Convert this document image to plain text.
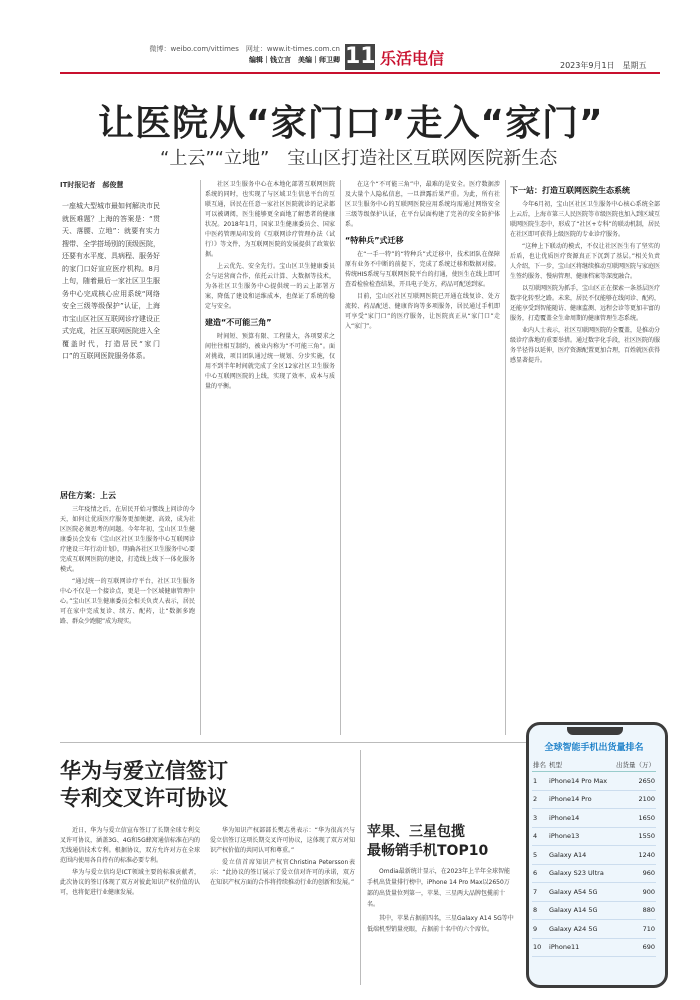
微博：weibo.com/vittimes　网址：www.it-times.com.cn
编辑｜钱立言　美编｜师卫卿 11 乐活电信	2023年9月1日　星期五
让医院从“家门口”走入“家门”
“上云”“立地”　宝山区打造社区互联网医院新生态
IT时报记者　郝俊慧
一座城大型城市最如何解决市民就医难题？上海的答案是：“贯天、落腰、立地”：就要有实力搜带、全学搭场别的顶级医院，还要有水平度、具病程、服务好的家门口好宣应医疗机构。8月上旬，随着最后一家社区卫生服务中心完成核心应用系统“网络安全三级等级保护”认证，上海市宝山区社区互联网诊疗建设正式完成，社区互联网医院进入全覆盖时代，打造居民“家门口”的互联网医院服务体系。
居住方案：上云

三年疫情之后，在居民开始习惯线上问诊的今天，如何让优质医疗服务更加便捷、高效，成为社区医院必须思考的问题。今年年初，宝山区卫生健康委员会发布《宝山区社区卫生服务中心互联网诊疗建设三年行动计划》，明确各社区卫生服务中心要完成互联网医院的建设，打造线上线下一体化服务模式。

“通过统一的互联网诊疗平台，社区卫生服务中心不仅是一个接诊点，更是一个区域健康管理中心。”宝山区卫生健康委员会相关负责人表示，居民可在家中完成复诊、续方、配药，让“数据多跑路、群众少跑腿”成为现实。

社区卫生服务中心在本地化部署互联网医院系统的同时，也实现了与区域卫生信息平台的互联互通，居民在任意一家社区医院就诊的记录都可以被调阅，医生能够更全面地了解患者的健康状况。2018年1月，国家卫生健康委员会、国家中医药管理局印发的《互联网诊疗管理办法（试行）》等文件，为互联网医院的发展提供了政策依据。

上云优先、安全先行。宝山区卫生健康委员会与运营商合作，依托云计算、大数据等技术，为各社区卫生服务中心提供统一的云上部署方案，降低了建设和运维成本，也保证了系统的稳定与安全。

建造“不可能三角”

时间短、预算有限、工程量大，各项要求之间往往相互制约，被业内称为“不可能三角”。面对挑战，项目团队通过统一规划、分步实施，仅用不到半年时间就完成了全区12家社区卫生服务中心互联网医院的上线，实现了效率、成本与质量的平衡。

在这个“不可能三角”中，最难的是安全。医疗数据涉及大量个人隐私信息，一旦泄露后果严重。为此，所有社区卫生服务中心的互联网医院应用系统均需通过网络安全三级等级保护认证，在平台层面构建了完善的安全防护体系。

“特种兵”式迁移

在“一手一特”的“特种兵”式迁移中，技术团队在保障原有业务不中断的前提下，完成了系统迁移和数据对接。传统HIS系统与互联网医院平台的打通，使医生在线上即可查看检验检查结果，开具电子处方，药品可配送到家。

目前，宝山区社区互联网医院已开通在线复诊、处方流转、药品配送、健康咨询等多项服务，居民通过手机即可享受“家门口”的医疗服务，让医院真正从“家门口”走入“家门”。

下一站：打造互联网医院生态系统

今年6月初，宝山区社区卫生服务中心核心系统全部上云后，上海市第三人民医院等市级医院也加入到区域互联网医院生态中，形成了“社区+专科”的联动机制，居民在社区即可获得上级医院的专业诊疗服务。

“这种上下联动的模式，不仅让社区医生有了坚实的后盾，也让优质医疗资源真正下沉到了基层。”相关负责人介绍，下一步，宝山区将继续推动互联网医院与家庭医生签约服务、慢病管理、健康档案等深度融合。

以互联网医院为抓手，宝山区正在探索一条基层医疗数字化转型之路。未来，居民不仅能够在线问诊、配药，还能享受到智能随访、健康监测、远程会诊等更加丰富的服务，打造覆盖全生命周期的健康管理生态系统。

业内人士表示，社区互联网医院的全覆盖，是推动分级诊疗落地的重要举措。通过数字化手段，社区医院的服务半径得以延伸，医疗资源配置更加合理，百姓就医获得感显著提升。

华为与爱立信签订
专利交叉许可协议

近日，华为与爱立信宣布签订了长期全球专利交叉许可协议，涵盖3G、4G和5G蜂窝通信标准在内的无线通信技术专利。根据协议，双方允许对方在全球范围内使用各自持有的标准必要专利。

华为与爱立信均是ICT领域主要的标准贡献者，此次协议的签订体现了双方对彼此知识产权价值的认可，也将促进行业健康发展。

华为知识产权部部长樊志勇表示：“华为很高兴与爱立信签订这项长期交叉许可协议，这体现了双方对知识产权价值的共同认可和尊重。”

爱立信首席知识产权官Christina Petersson表示：“此协议的签订展示了爱立信对许可的承诺，双方在知识产权方面的合作将持续推动行业的创新和发展。”

苹果、三星包揽
最畅销手机TOP10
Omdia最新统计显示，在2023年上半年全球智能手机出货量排行榜中，iPhone 14 Pro Max以2650万部的出货量位列第一，苹果、三星两大品牌包揽前十名。
其中，苹果占据前四名，三星Galaxy A14 5G等中低端机型销量亮眼，占据前十名中的六个席位。
全球智能手机出货量排名
排名	机型	出货量（万）
1	iPhone14 Pro Max	2650
2	iPhone14 Pro	2100
3	iPhone14	1650
4	iPhone13	1550
5	Galaxy A14	1240
6	Galaxy S23 Ultra	960
7	Galaxy A54 5G	900
8	Galaxy A14 5G	880
9	Galaxy A24 5G	710
10	iPhone11	690
